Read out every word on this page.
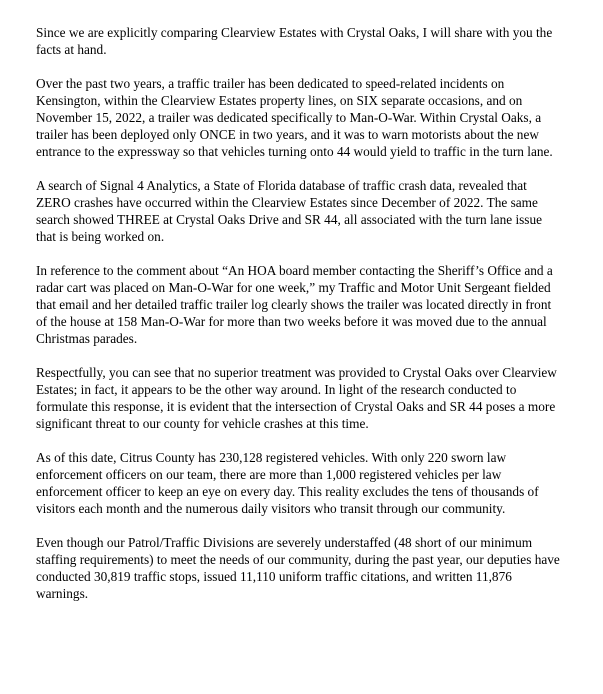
Since we are explicitly comparing Clearview Estates with Crystal Oaks, I will share with you the facts at hand.

Over the past two years, a traffic trailer has been dedicated to speed-related incidents on Kensington, within the Clearview Estates property lines, on SIX separate occasions, and on November 15, 2022, a trailer was dedicated specifically to Man-O-War. Within Crystal Oaks, a trailer has been deployed only ONCE in two years, and it was to warn motorists about the new entrance to the expressway so that vehicles turning onto 44 would yield to traffic in the turn lane.

A search of Signal 4 Analytics, a State of Florida database of traffic crash data, revealed that ZERO crashes have occurred within the Clearview Estates since December of 2022. The same search showed THREE at Crystal Oaks Drive and SR 44, all associated with the turn lane issue that is being worked on.

In reference to the comment about “An HOA board member contacting the Sheriff’s Office and a radar cart was placed on Man-O-War for one week,” my Traffic and Motor Unit Sergeant fielded that email and her detailed traffic trailer log clearly shows the trailer was located directly in front of the house at 158 Man-O-War for more than two weeks before it was moved due to the annual Christmas parades.

Respectfully, you can see that no superior treatment was provided to Crystal Oaks over Clearview Estates; in fact, it appears to be the other way around. In light of the research conducted to formulate this response, it is evident that the intersection of Crystal Oaks and SR 44 poses a more significant threat to our county for vehicle crashes at this time.

As of this date, Citrus County has 230,128 registered vehicles. With only 220 sworn law enforcement officers on our team, there are more than 1,000 registered vehicles per law enforcement officer to keep an eye on every day. This reality excludes the tens of thousands of visitors each month and the numerous daily visitors who transit through our community.

Even though our Patrol/Traffic Divisions are severely understaffed (48 short of our minimum staffing requirements) to meet the needs of our community, during the past year, our deputies have conducted 30,819 traffic stops, issued 11,110 uniform traffic citations, and written 11,876 warnings.
